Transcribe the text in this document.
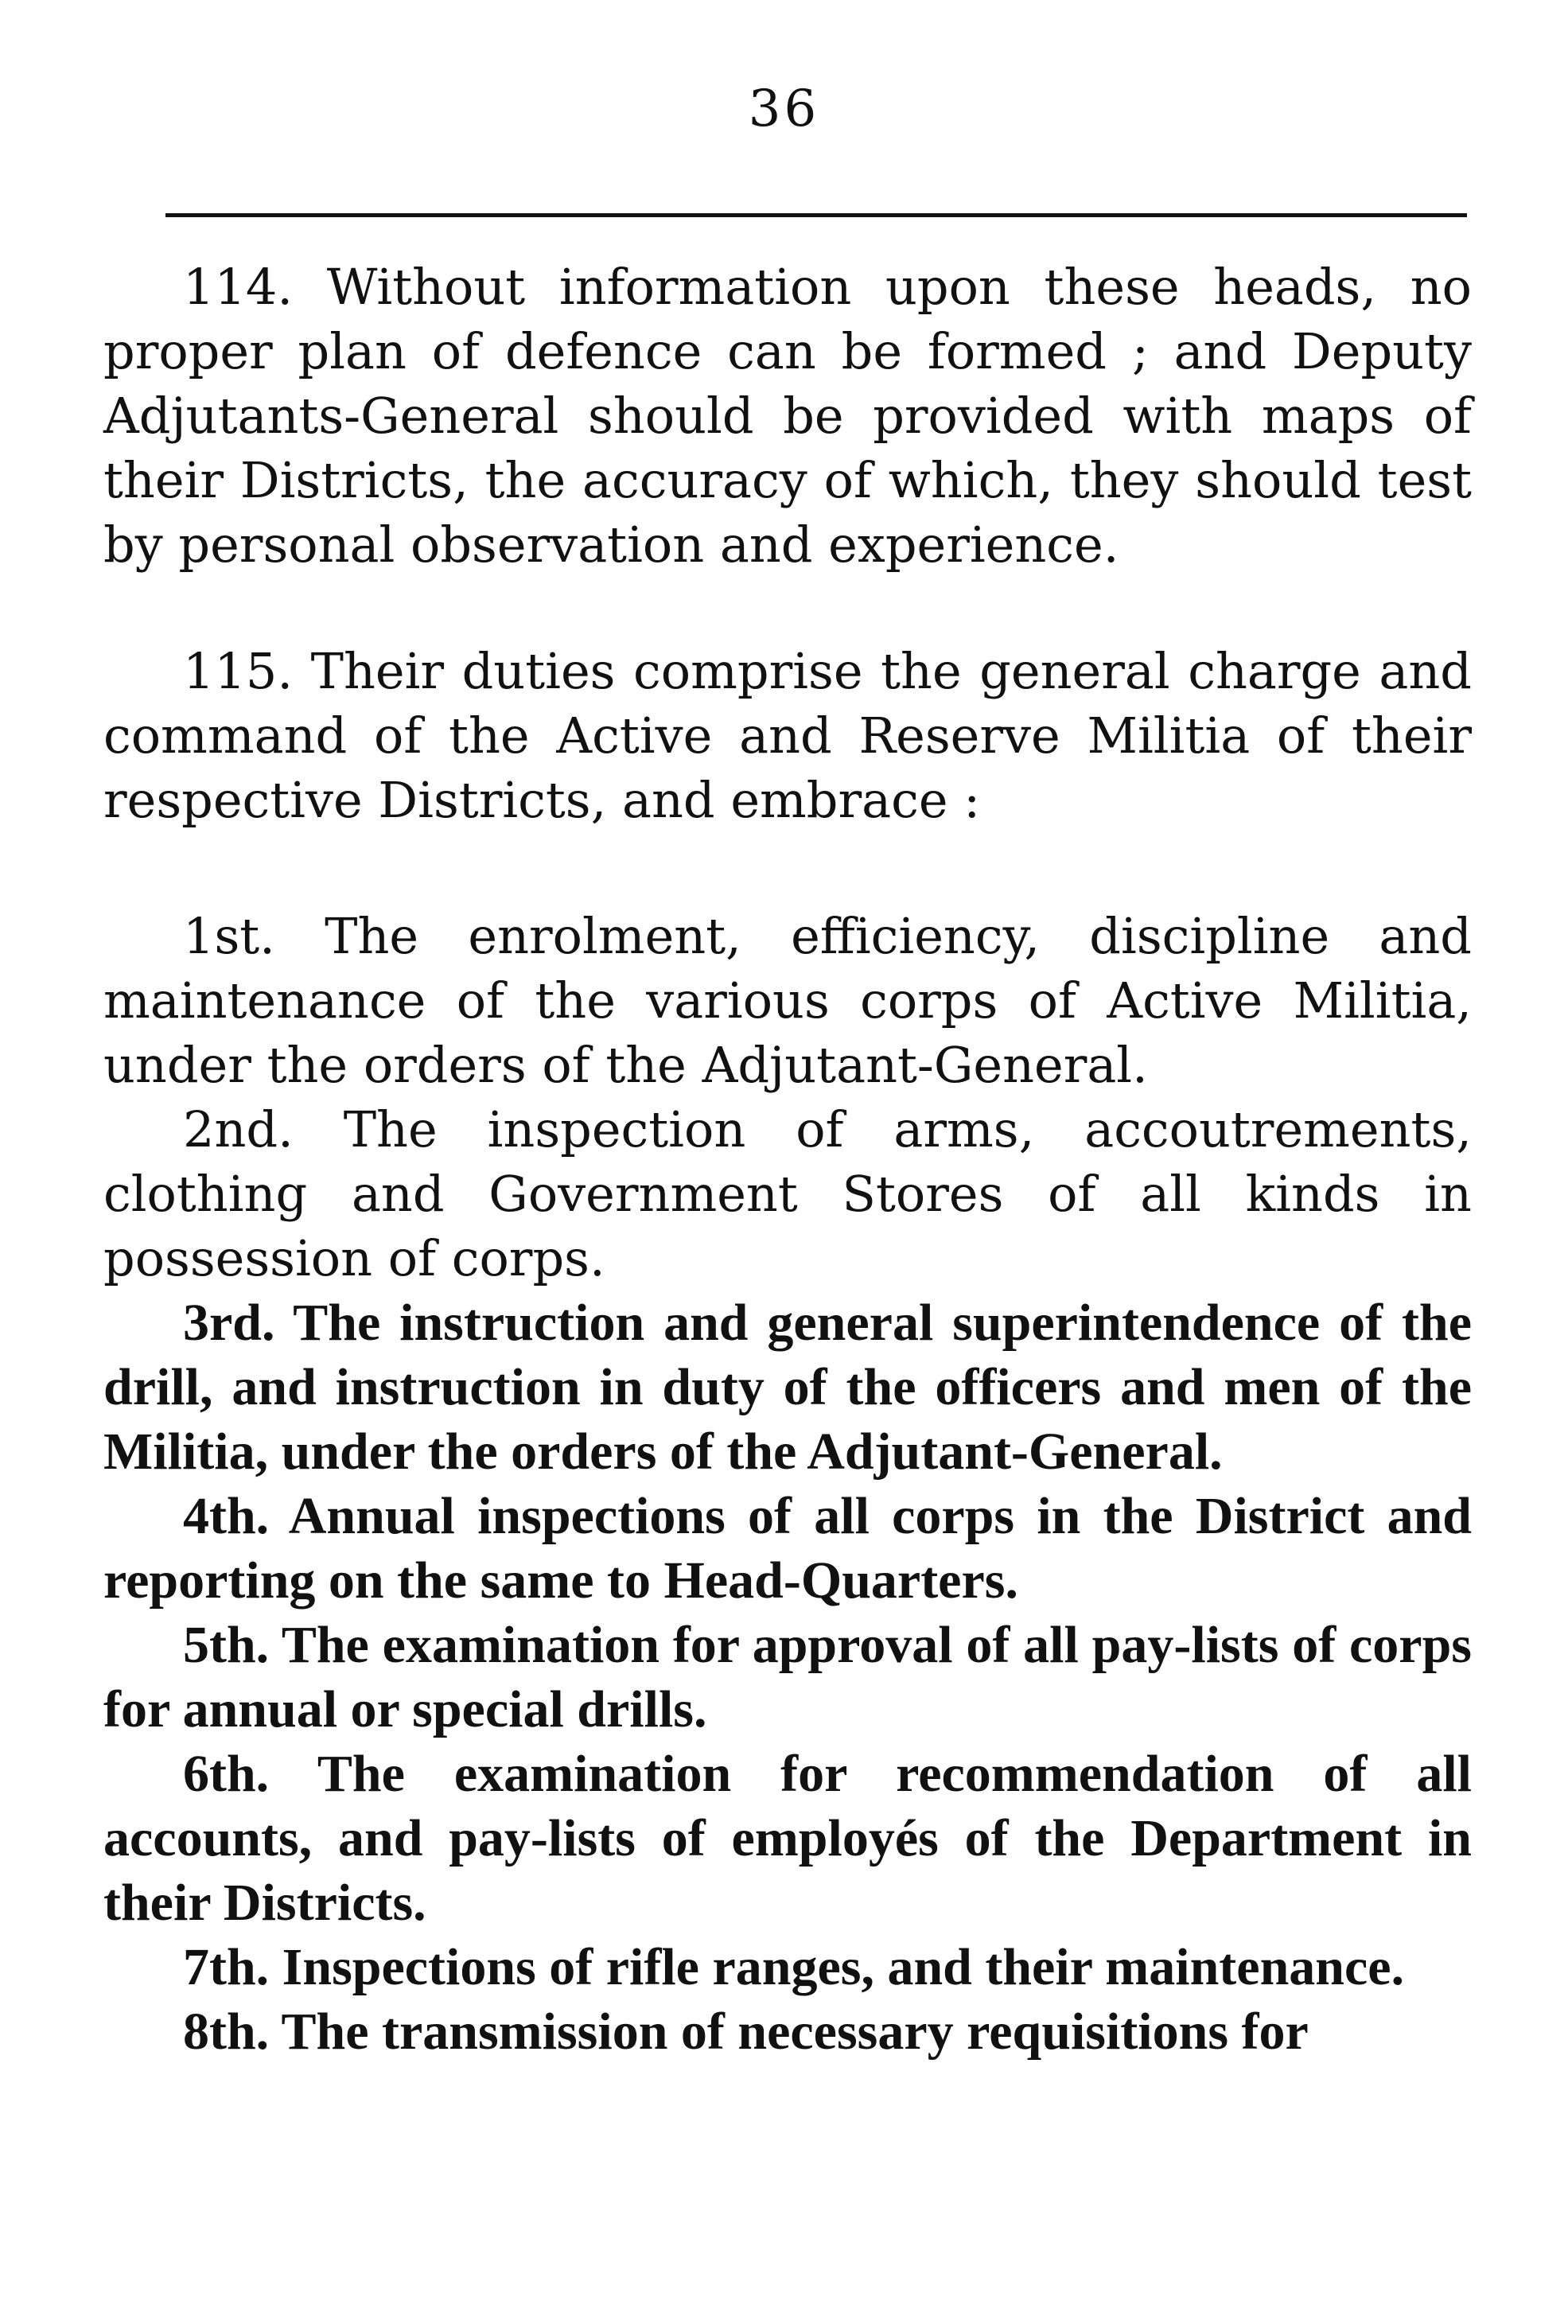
36

114. Without information upon these heads, no proper plan of defence can be formed ; and Deputy Adjutants-General should be provided with maps of their Districts, the accuracy of which, they should test by personal observation and experience.

115. Their duties comprise the general charge and command of the Active and Reserve Militia of their respective Districts, and embrace :

1st. The enrolment, efficiency, discipline and maintenance of the various corps of Active Militia, under the orders of the Adjutant-General.

2nd. The inspection of arms, accoutrements, clothing and Government Stores of all kinds in possession of corps.

3rd. The instruction and general superintendence of the drill, and instruction in duty of the officers and men of the Militia, under the orders of the Adjutant-General.

4th. Annual inspections of all corps in the District and reporting on the same to Head-Quarters.

5th. The examination for approval of all pay-lists of corps for annual or special drills.

6th. The examination for recommendation of all accounts, and pay-lists of employés of the Department in their Districts.

7th. Inspections of rifle ranges, and their maintenance.

8th. The transmission of necessary requisitions for
